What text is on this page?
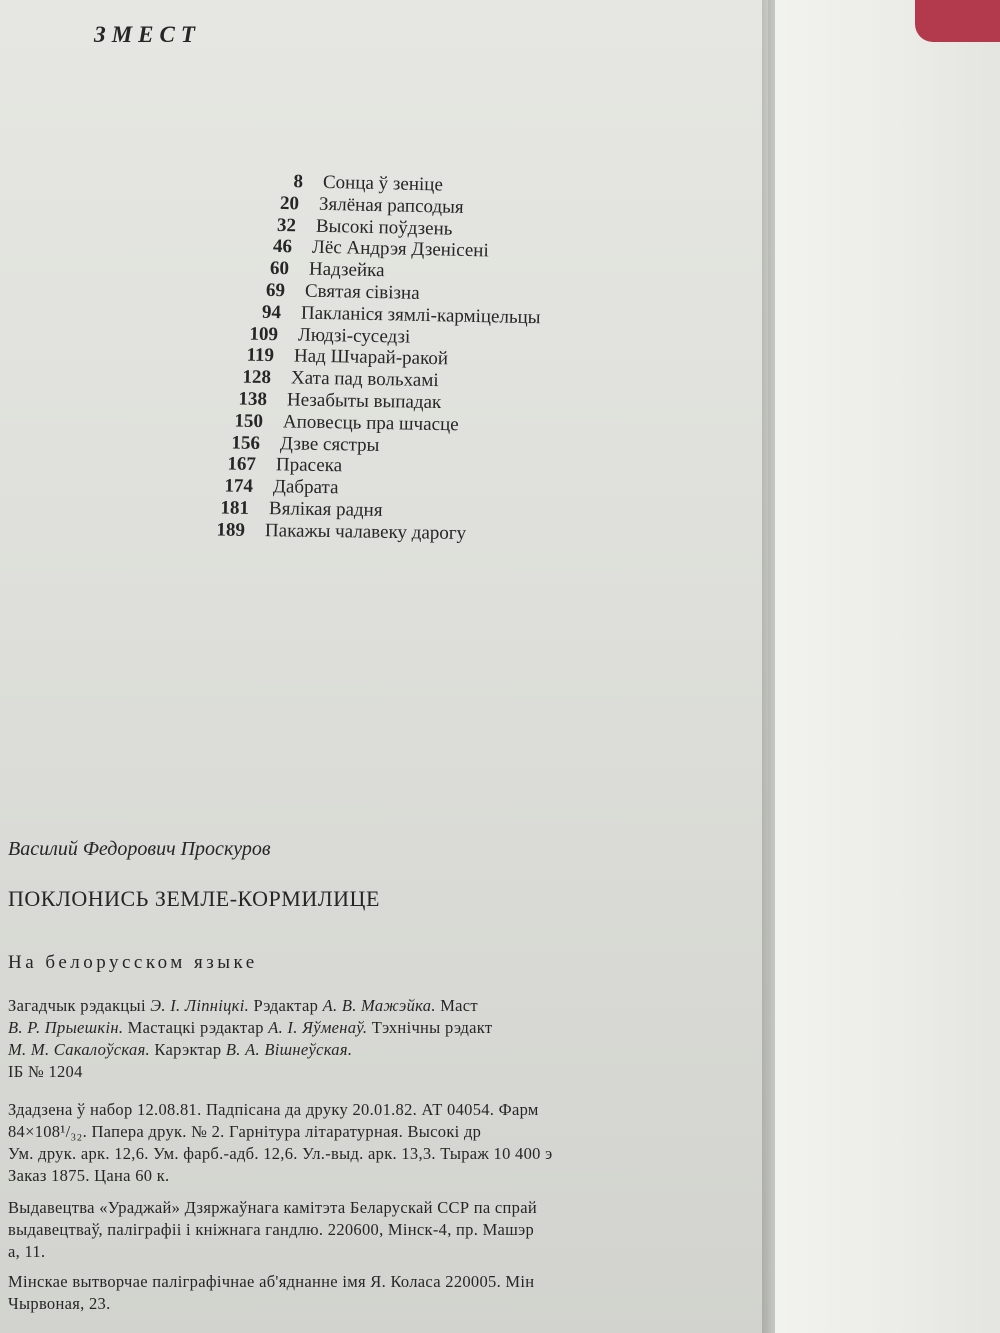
ЗМЕСТ
8 Сонца ў зеніце
20 Зялёная рапсодыя
32 Высокі поўдзень
46 Лёс Андрэя Дзенісені
60 Надзейка
69 Святая сівізна
94 Пакланіся зямлі-карміцельцы
109 Людзі-суседзі
119 Над Шчарай-ракой
128 Хата пад вольхамі
138 Незабыты выпадак
150 Аповесць пра шчасце
156 Дзве сястры
167 Прасека
174 Дабрата
181 Вялікая радня
189 Пакажы чалавеку дарогу
Василий Федорович Проскуров
ПОКЛОНИСЬ ЗЕМЛЕ-КОРМИЛИЦЕ
На белорусском языке
Загадчык рэдакцыі Э. І. Ліпніцкі. Рэдактар А. В. Мажэйка. Маст
В. Р. Прыешкін. Мастацкі рэдактар А. І. Яўменаў. Тэхнічны рэдакт
М. М. Сакалоўская. Карэктар В. А. Вішнеўская.
ІБ № 1204
Здадзена ў набор 12.08.81. Падпісана да друку 20.01.82. АТ 04054. Фарм
84×108¹/₃₂. Папера друк. № 2. Гарнітура літаратурная. Высокі др
Ум. друк. арк. 12,6. Ум. фарб.-адб. 12,6. Ул.-выд. арк. 13,3. Тыраж 10 400 э
Заказ 1875. Цана 60 к.
Выдавецтва «Ураджай» Дзяржаўнага камітэта Беларускай ССР па спрай
выдавецтваў, паліграфіі і кніжнага гандлю. 220600, Мінск-4, пр. Машэр
а, 11.
Мінскае вытворчае паліграфічнае аб'яднанне імя Я. Коласа 220005. Мін
Чырвоная, 23.
